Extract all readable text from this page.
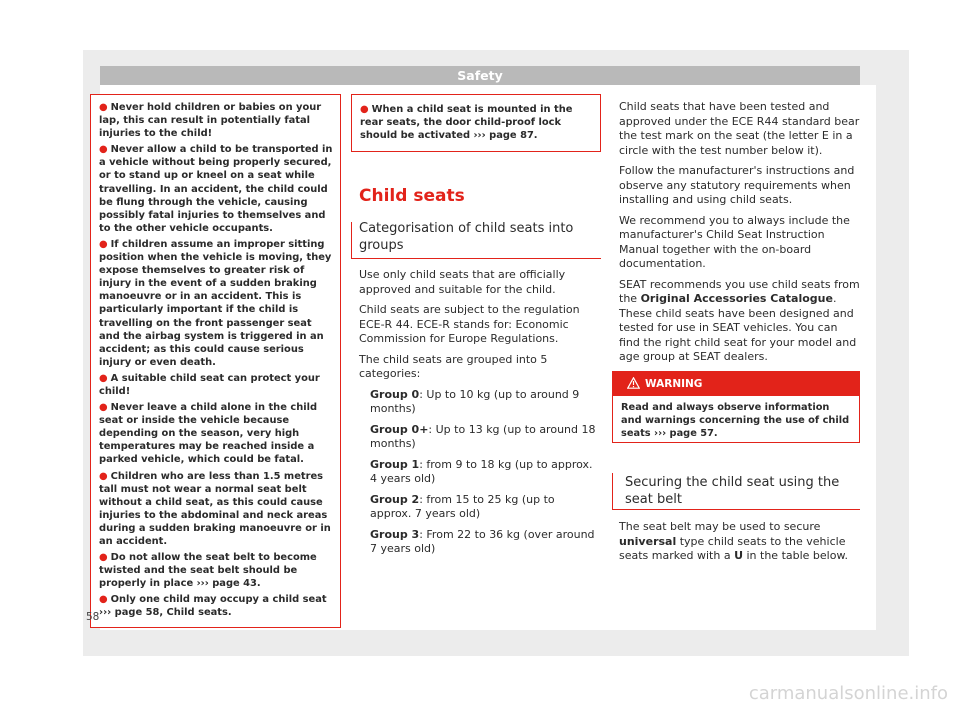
Safety
● Never hold children or babies on your lap, this can result in potentially fatal injuries to the child!
● Never allow a child to be transported in a vehicle without being properly secured, or to stand up or kneel on a seat while travelling. In an accident, the child could be flung through the vehicle, causing possibly fatal injuries to themselves and to the other vehicle occupants.
● If children assume an improper sitting position when the vehicle is moving, they expose themselves to greater risk of injury in the event of a sudden braking manoeuvre or in an accident. This is particularly important if the child is travelling on the front passenger seat and the airbag system is triggered in an accident; as this could cause serious injury or even death.
● A suitable child seat can protect your child!
● Never leave a child alone in the child seat or inside the vehicle because depending on the season, very high temperatures may be reached inside a parked vehicle, which could be fatal.
● Children who are less than 1.5 metres tall must not wear a normal seat belt without a child seat, as this could cause injuries to the abdominal and neck areas during a sudden braking manoeuvre or in an accident.
● Do not allow the seat belt to become twisted and the seat belt should be properly in place ››› page 43.
● Only one child may occupy a child seat ››› page 58, Child seats.
● When a child seat is mounted in the rear seats, the door child-proof lock should be activated ››› page 87.
Child seats
Categorisation of child seats into groups

Use only child seats that are officially approved and suitable for the child.

Child seats are subject to the regulation ECE-R 44. ECE-R stands for: Economic Commission for Europe Regulations.

The child seats are grouped into 5 categories:

Group 0: Up to 10 kg (up to around 9 months)
Group 0+: Up to 13 kg (up to around 18 months)
Group 1: from 9 to 18 kg (up to approx. 4 years old)
Group 2: from 15 to 25 kg (up to approx. 7 years old)
Group 3: From 22 to 36 kg (over around 7 years old)

Child seats that have been tested and approved under the ECE R44 standard bear the test mark on the seat (the letter E in a circle with the test number below it).

Follow the manufacturer's instructions and observe any statutory requirements when installing and using child seats.

We recommend you to always include the manufacturer's Child Seat Instruction Manual together with the on-board documentation.

SEAT recommends you use child seats from the Original Accessories Catalogue. These child seats have been designed and tested for use in SEAT vehicles. You can find the right child seat for your model and age group at SEAT dealers.

WARNING
Read and always observe information and warnings concerning the use of child seats ››› page 57.
Securing the child seat using the seat belt

The seat belt may be used to secure universal type child seats to the vehicle seats marked with a U in the table below.

58
carmanualsonline.info
